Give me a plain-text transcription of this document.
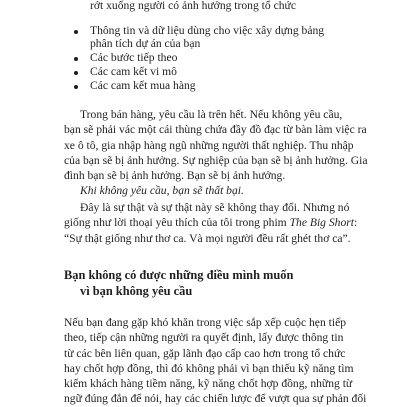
rớt xuống người có ảnh hưởng trong tổ chức
Thông tin và dữ liệu dùng cho việc xây dựng bảng
phân tích dự án của bạn
Các bước tiếp theo
Các cam kết vi mô
Các cam kết mua hàng

Trong bán hàng, yêu cầu là trên hết. Nếu không yêu cầu,
bạn sẽ phải vác một cái thùng chứa đầy đồ đạc từ bàn làm việc ra
xe ô tô, gia nhập hàng ngũ những người thất nghiệp. Thu nhập
của bạn sẽ bị ảnh hưởng. Sự nghiệp của bạn sẽ bị ảnh hưởng. Gia
đình bạn sẽ bị ảnh hưởng. Bạn sẽ bị ảnh hưởng.
Khi không yêu cầu, bạn sẽ thất bại.

Đây là sự thật và sự thật này sẽ không thay đổi. Nhưng nó
giống như lời thoại yêu thích của tôi trong phim The Big Short:
“Sự thật giống như thơ ca. Và mọi người đều rất ghét thơ ca”.

Bạn không có được những điều mình muốn
vì bạn không yêu cầu

Nếu bạn đang gặp khó khăn trong việc sắp xếp cuộc hẹn tiếp
theo, tiếp cận những người ra quyết định, lấy được thông tin
từ các bên liên quan, gặp lãnh đạo cấp cao hơn trong tổ chức
hay chốt hợp đồng, thì đó không phải vì bạn thiếu kỹ năng tìm
kiếm khách hàng tiềm năng, kỹ năng chốt hợp đồng, những từ
ngữ đúng đắn để nói, hay các chiến lược để vượt qua sự phản đối
